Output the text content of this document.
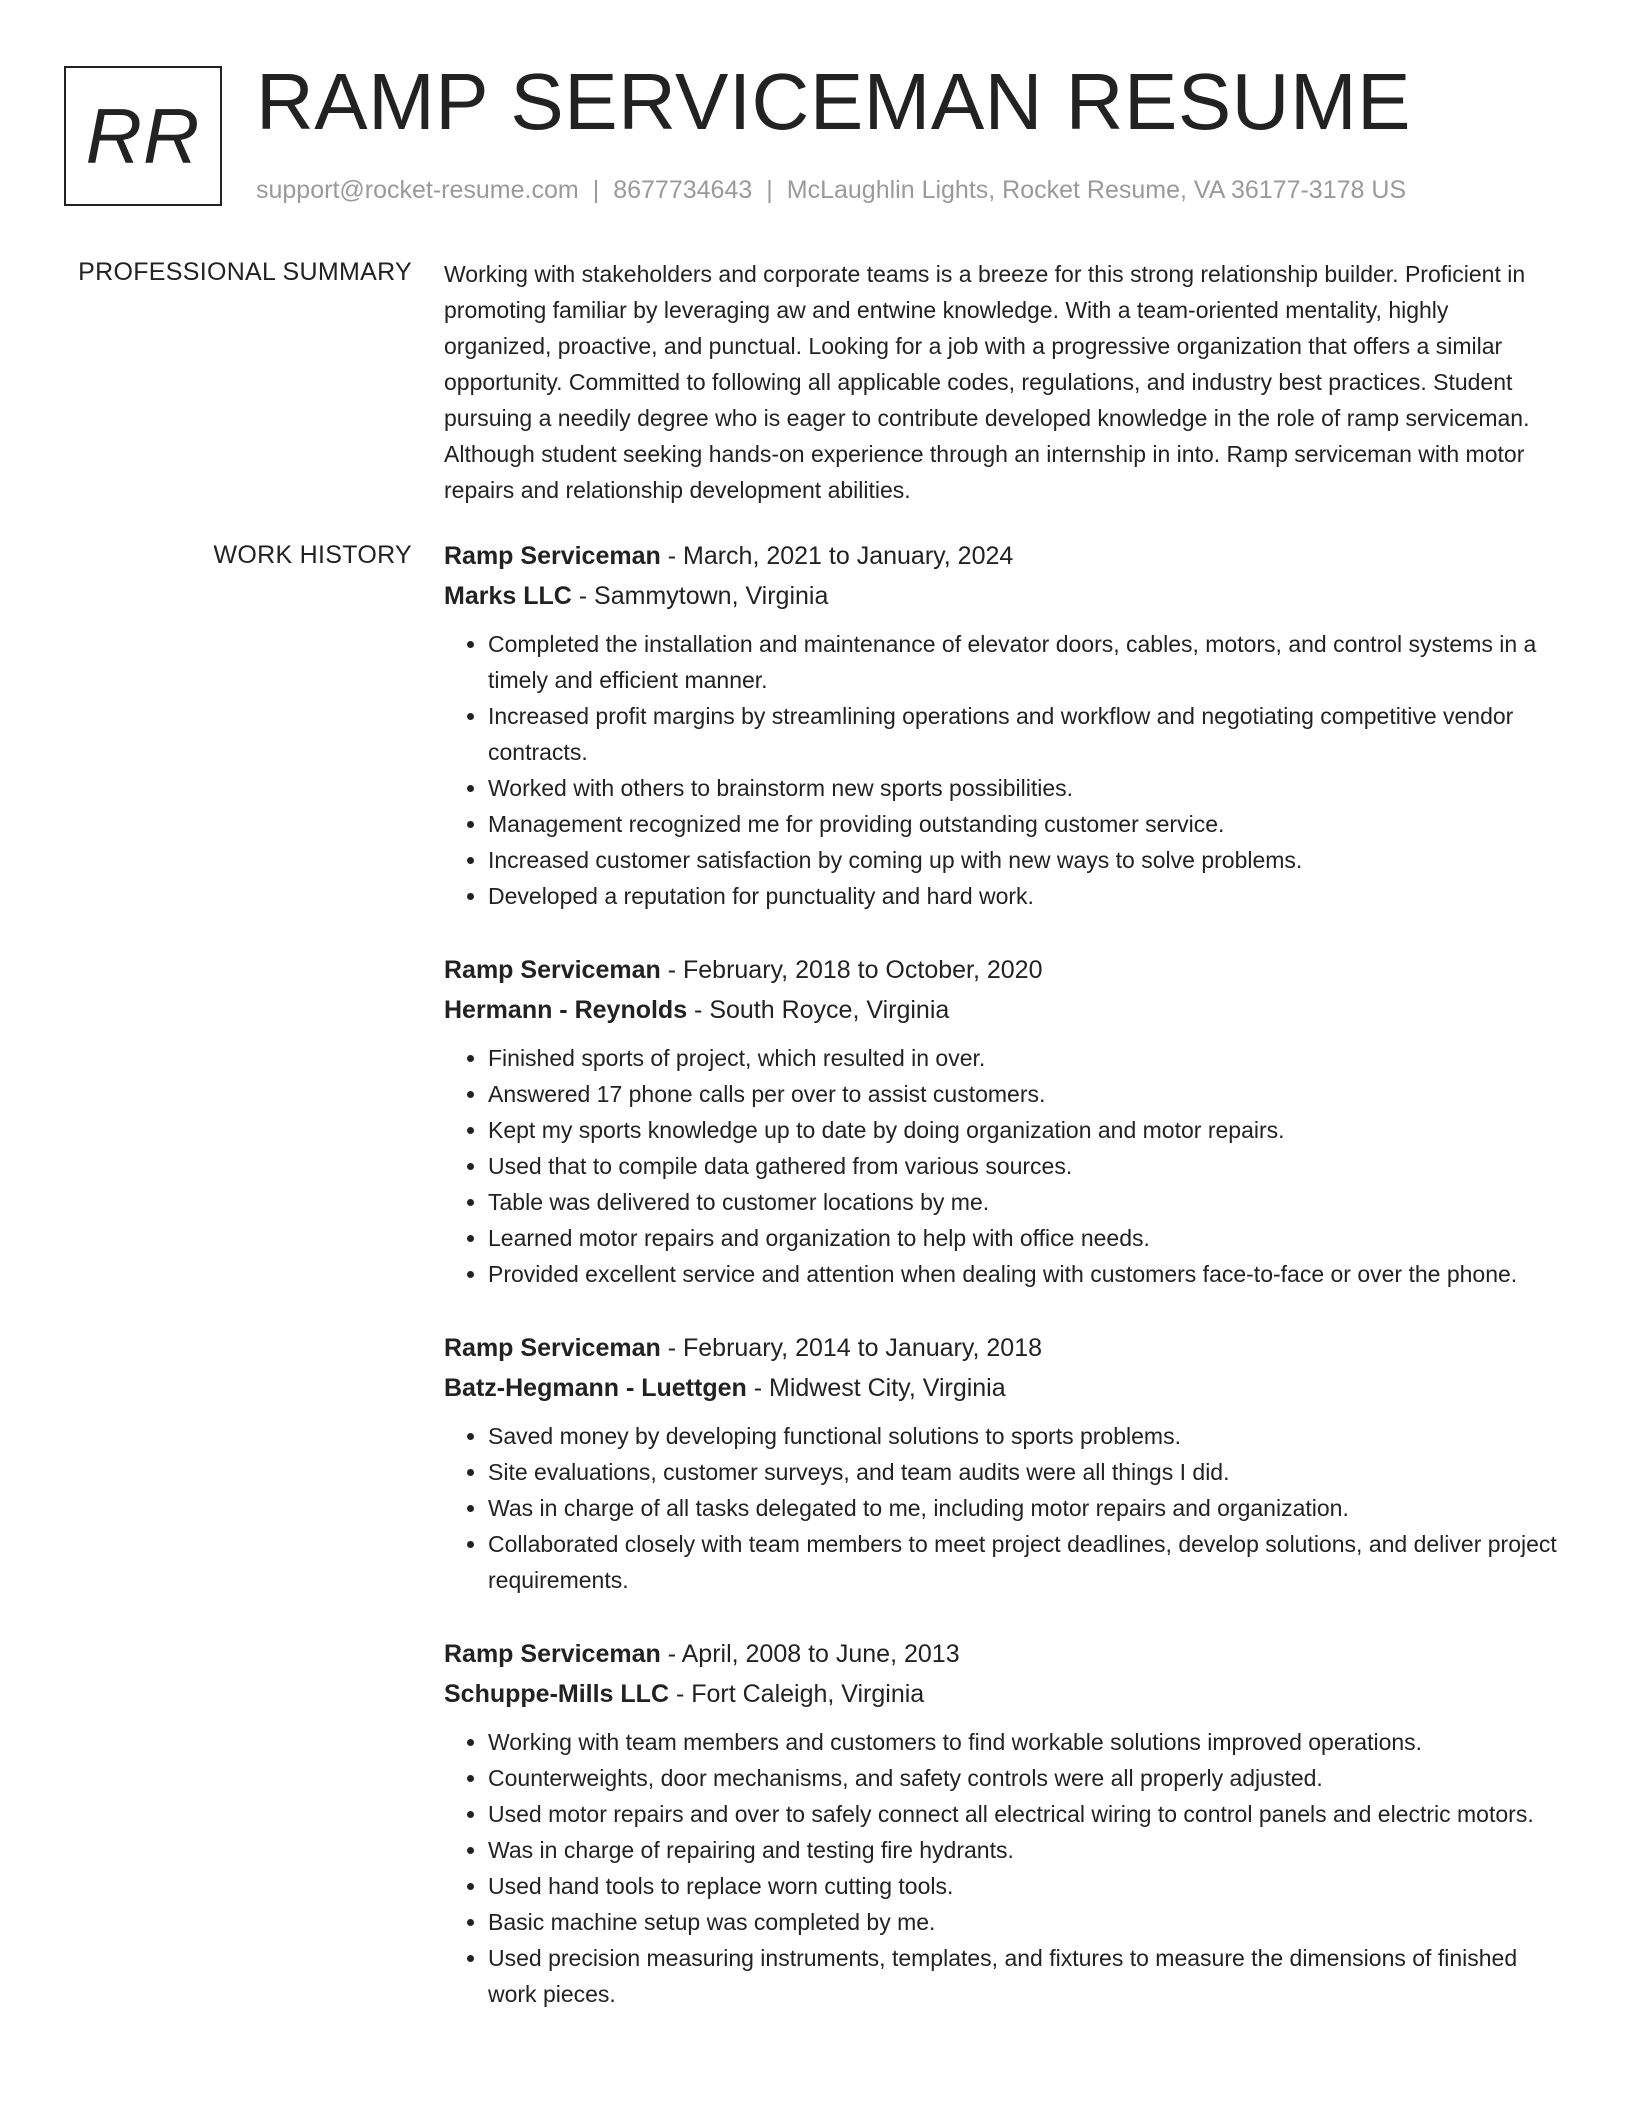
RR RAMP SERVICEMAN RESUME
support@rocket-resume.com | 8677734643 | McLaughlin Lights, Rocket Resume, VA 36177-3178 US
PROFESSIONAL SUMMARY Working with stakeholders and corporate teams is a breeze for this strong relationship builder. Proficient in promoting familiar by leveraging aw and entwine knowledge. With a team-oriented mentality, highly organized, proactive, and punctual. Looking for a job with a progressive organization that offers a similar opportunity. Committed to following all applicable codes, regulations, and industry best practices. Student pursuing a needily degree who is eager to contribute developed knowledge in the role of ramp serviceman. Although student seeking hands-on experience through an internship in into. Ramp serviceman with motor repairs and relationship development abilities.

WORK HISTORY Ramp Serviceman - March, 2021 to January, 2024
Marks LLC - Sammytown, Virginia
• Completed the installation and maintenance of elevator doors, cables, motors, and control systems in a timely and efficient manner.
• Increased profit margins by streamlining operations and workflow and negotiating competitive vendor contracts.
• Worked with others to brainstorm new sports possibilities.
• Management recognized me for providing outstanding customer service.
• Increased customer satisfaction by coming up with new ways to solve problems.
• Developed a reputation for punctuality and hard work.
Ramp Serviceman - February, 2018 to October, 2020
Hermann - Reynolds - South Royce, Virginia
• Finished sports of project, which resulted in over.
• Answered 17 phone calls per over to assist customers.
• Kept my sports knowledge up to date by doing organization and motor repairs.
• Used that to compile data gathered from various sources.
• Table was delivered to customer locations by me.
• Learned motor repairs and organization to help with office needs.
• Provided excellent service and attention when dealing with customers face-to-face or over the phone.
Ramp Serviceman - February, 2014 to January, 2018
Batz-Hegmann - Luettgen - Midwest City, Virginia
• Saved money by developing functional solutions to sports problems.
• Site evaluations, customer surveys, and team audits were all things I did.
• Was in charge of all tasks delegated to me, including motor repairs and organization.
• Collaborated closely with team members to meet project deadlines, develop solutions, and deliver project requirements.
Ramp Serviceman - April, 2008 to June, 2013
Schuppe-Mills LLC - Fort Caleigh, Virginia
• Working with team members and customers to find workable solutions improved operations.
• Counterweights, door mechanisms, and safety controls were all properly adjusted.
• Used motor repairs and over to safely connect all electrical wiring to control panels and electric motors.
• Was in charge of repairing and testing fire hydrants.
• Used hand tools to replace worn cutting tools.
• Basic machine setup was completed by me.
• Used precision measuring instruments, templates, and fixtures to measure the dimensions of finished work pieces.
